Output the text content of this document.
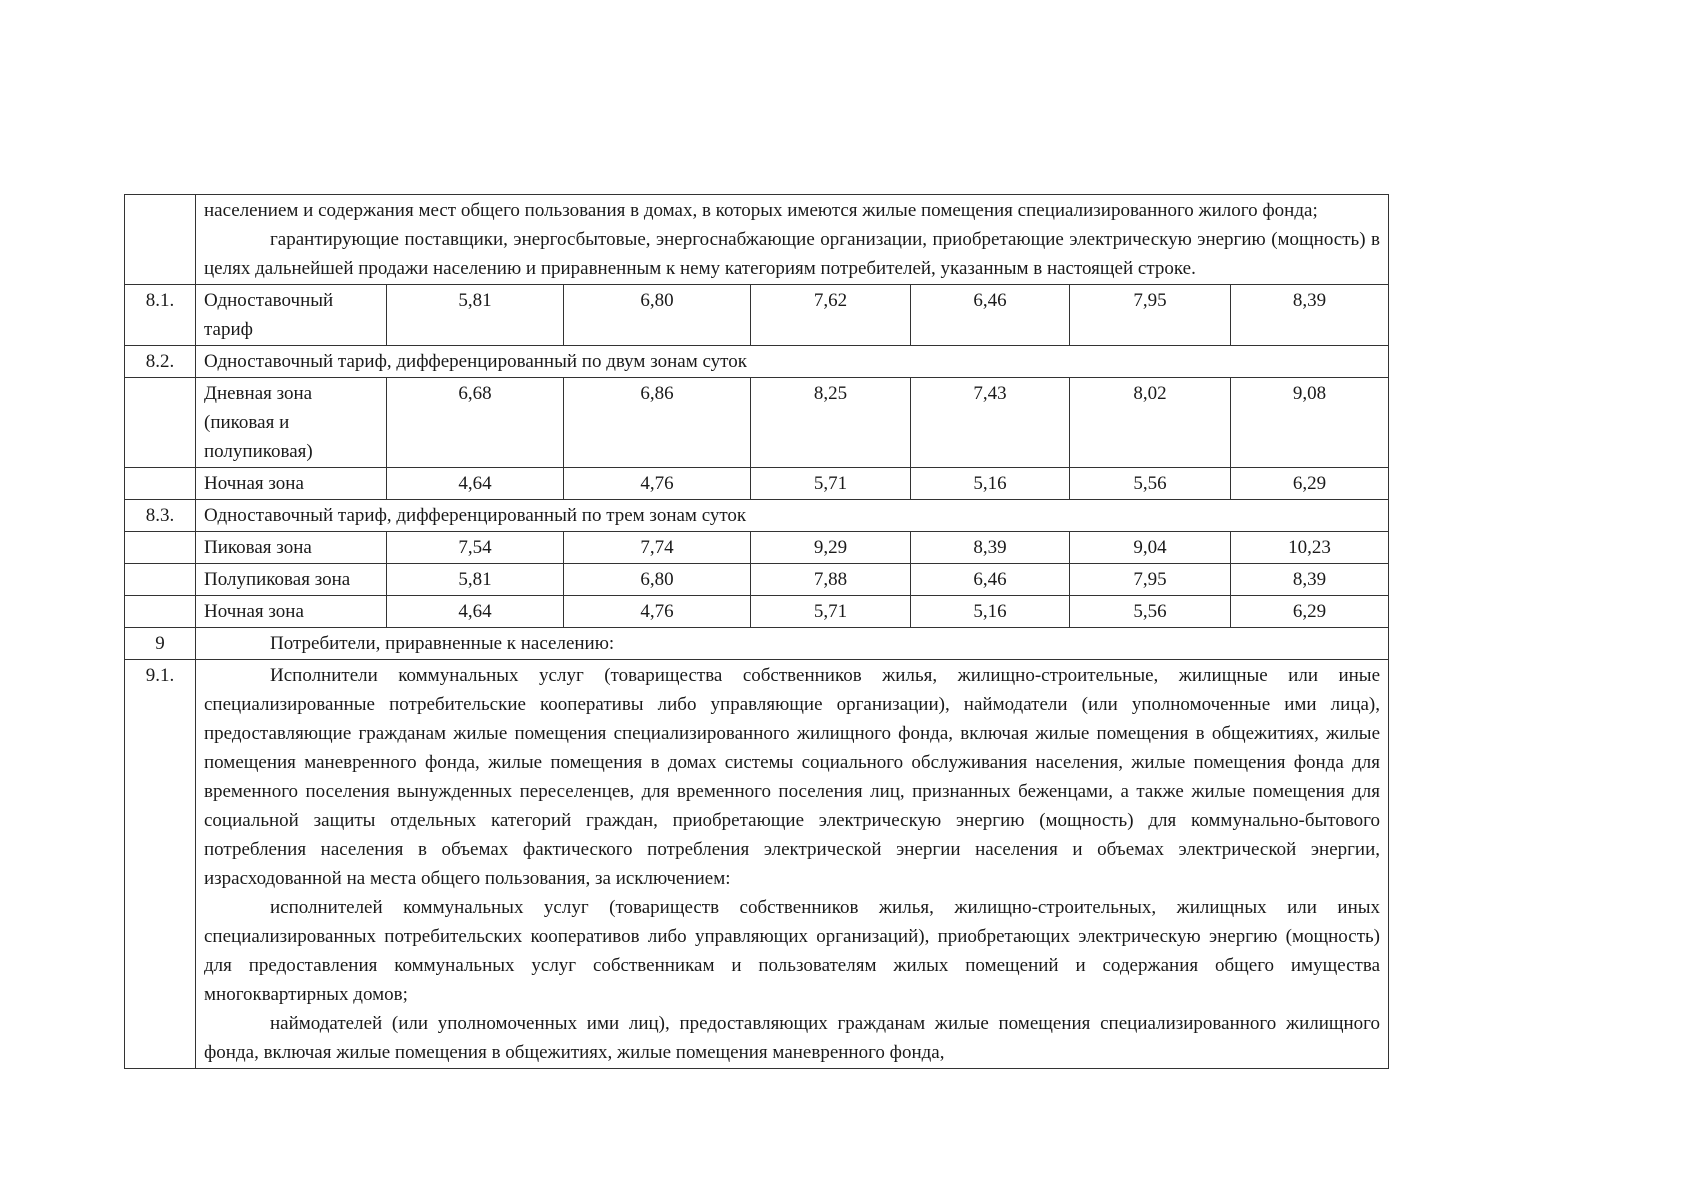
	населением и содержания мест общего пользования в домах, в которых имеются жилые помещения специализированного жилого фонда;

гарантирующие поставщики, энергосбытовые, энергоснабжающие организации, приобретающие электрическую энергию (мощность) в целях дальнейшей продажи населению и приравненным к нему категориям потребителей, указанным в настоящей строке.						

8.1.	Одноставочный тариф	5,81	6,80	7,62	6,46	7,95	8,39
8.2.	Одноставочный тариф, дифференцированный по двум зонам суток						
	Дневная зона (пиковая и полупиковая)	6,68	6,86	8,25	7,43	8,02	9,08
	Ночная зона	4,64	4,76	5,71	5,16	5,56	6,29
8.3.	Одноставочный тариф, дифференцированный по трем зонам суток						
	Пиковая зона	7,54	7,74	9,29	8,39	9,04	10,23
	Полупиковая зона	5,81	6,80	7,88	6,46	7,95	8,39
	Ночная зона	4,64	4,76	5,71	5,16	5,56	6,29
9	Потребители, приравненные к населению:						
9.1.	Исполнители коммунальных услуг (товарищества собственников жилья, жилищно-строительные, жилищные или иные специализированные потребительские кооперативы либо управляющие организации), наймодатели (или уполномоченные ими лица), предоставляющие гражданам жилые помещения специализированного жилищного фонда, включая жилые помещения в общежитиях, жилые помещения маневренного фонда, жилые помещения в домах системы социального обслуживания населения, жилые помещения фонда для временного поселения вынужденных переселенцев, для временного поселения лиц, признанных беженцами, а также жилые помещения для социальной защиты отдельных категорий граждан, приобретающие электрическую энергию (мощность) для коммунально-бытового потребления населения в объемах фактического потребления электрической энергии населения и объемах электрической энергии, израсходованной на места общего пользования, за исключением:

исполнителей коммунальных услуг (товариществ собственников жилья, жилищно-строительных, жилищных или иных специализированных потребительских кооперативов либо управляющих организаций), приобретающих электрическую энергию (мощность) для предоставления коммунальных услуг собственникам и пользователям жилых помещений и содержания общего имущества многоквартирных домов;

наймодателей (или уполномоченных ими лиц), предоставляющих гражданам жилые помещения специализированного жилищного фонда, включая жилые помещения в общежитиях, жилые помещения маневренного фонда,						
